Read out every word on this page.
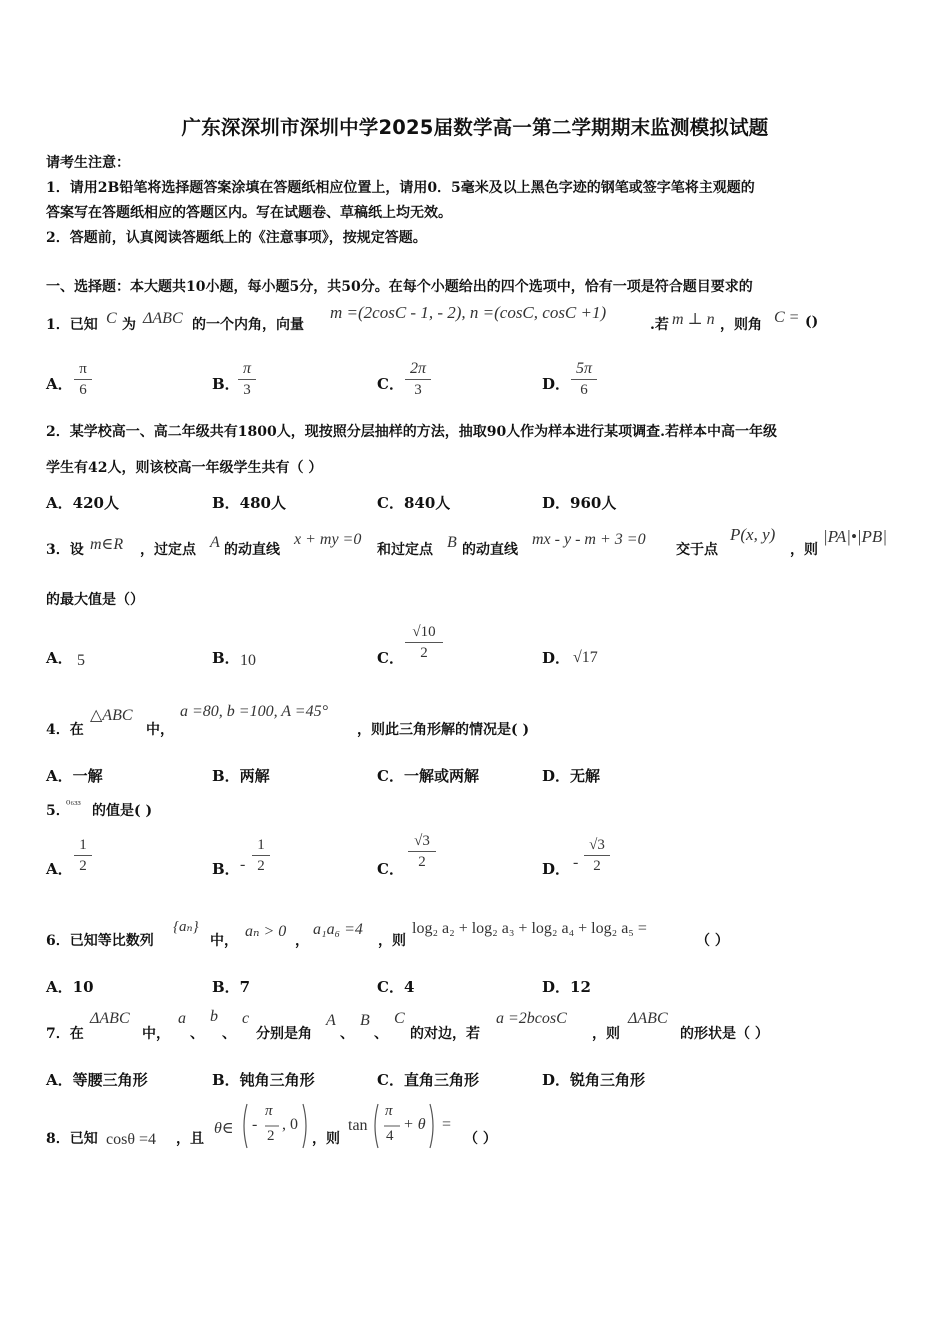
广东深深圳市深圳中学2025届数学高一第二学期期末监测模拟试题
请考生注意：
1．请用2B铅笔将选择题答案涂填在答题纸相应位置上，请用0．5毫米及以上黑色字迹的钢笔或签字笔将主观题的
答案写在答题纸相应的答题区内。写在试题卷、草稿纸上均无效。
2．答题前，认真阅读答题纸上的《注意事项》，按规定答题。
一、选择题：本大题共10小题，每小题5分，共50分。在每个小题给出的四个选项中，恰有一项是符合题目要求的
1．已知 C 为 ΔABC 的一个内角，向量
m =(2cosC - 1, - 2), n =(cosC, cosC +1)
.若 m ⊥ n ，则角 C = ()
A．
π
6	B．
π
3	C．
2π
3	D．
5π
6
2．某学校高一、高二年级共有1800人，现按照分层抽样的方法，抽取90人作为样本进行某项调查.若样本中高一年级
学生有42人，则该校高一年级学生共有（ ）
A．420人	B．480人	C．840人	D．960人
3．设 m∈R ，过定点 A 的动直线
x + my =0
和过定点 B 的动直线
mx - y - m + 3 =0
交于点
P(x, y)
，则
|PA|•|PB|
的最大值是（）
A． 5	B． 10	C．
√10
2	D． √17
4．在
△ABC
中，
a =80, b =100, A =45°
，则此三角形解的情况是( )
A．一解	B．两解	C．一解或两解	D．无解
5．
⁰⁶³³ 的值是( )
A．
1
2	B． -
1
2	C．
√3
2	D． -
√3
2
6．已知等比数列
{aₙ}
中，
aₙ > 0
，
a₁a₆ =4
，则
log₂ a₂ + log₂ a₃ + log₂ a₄ + log₂ a₅ =
（ ）
A．10	B．7	C．4	D．12
7．在
ΔABC
中，
a
、
b
、
c
分别是角
A
、
B
、
C
的对边，若
a =2bcosC
，则
ΔABC
的形状是（ ）
A．等腰三角形	B．钝角三角形	C．直角三角形	D．锐角三角形
8．已知 cosθ =4 ，且
θ∈ -
π
2
, 0
，则
tan
π
4
+ θ =
（ ）
